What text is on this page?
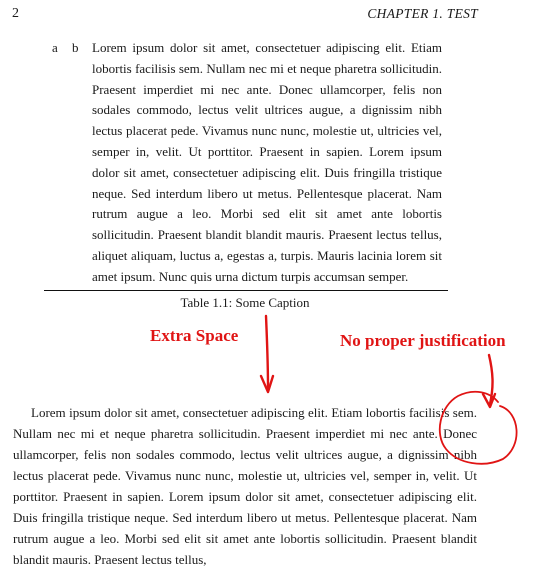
2	CHAPTER 1. TEST
a b Lorem ipsum dolor sit amet, consectetuer adipiscing elit. Etiam lobortis facilisis sem. Nullam nec mi et neque pharetra sollicitudin. Praesent imperdiet mi nec ante. Donec ullamcorper, felis non sodales commodo, lectus velit ultrices augue, a dignissim nibh lectus placerat pede. Vivamus nunc nunc, molestie ut, ultricies vel, semper in, velit. Ut porttitor. Praesent in sapien. Lorem ipsum dolor sit amet, consectetuer adipiscing elit. Duis fringilla tristique neque. Sed interdum libero ut metus. Pellentesque placerat. Nam rutrum augue a leo. Morbi sed elit sit amet ante lobortis sollicitudin. Praesent blandit blandit mauris. Praesent lectus tellus, aliquet aliquam, luctus a, egestas a, turpis. Mauris lacinia lorem sit amet ipsum. Nunc quis urna dictum turpis accumsan semper.
Table 1.1: Some Caption
Extra Space	No proper justification
Lorem ipsum dolor sit amet, consectetuer adipiscing elit. Etiam lobortis facilisis sem. Nullam nec mi et neque pharetra sollicitudin. Praesent imperdiet mi nec ante. Donec ullamcorper, felis non sodales commodo, lectus velit ultrices augue, a dignissim nibh lectus placerat pede. Vivamus nunc nunc, molestie ut, ultricies vel, semper in, velit. Ut porttitor. Praesent in sapien. Lorem ipsum dolor sit amet, consectetuer adipiscing elit. Duis fringilla tristique neque. Sed interdum libero ut metus. Pellentesque placerat. Nam rutrum augue a leo. Morbi sed elit sit amet ante lobortis sollicitudin. Praesent blandit blandit mauris. Praesent lectus tellus,
